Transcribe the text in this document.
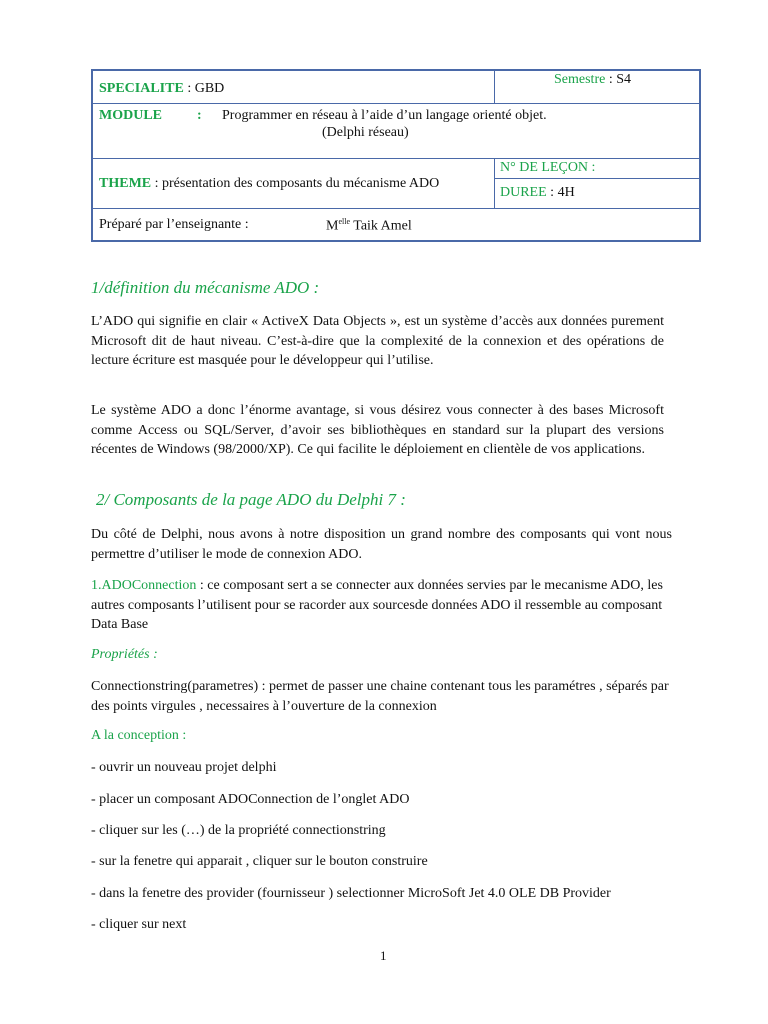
SPECIALITE : GBD
Semestre : S4
MODULE	: Programmer en réseau à l’aide d’un langage orienté objet.
(Delphi réseau)
THEME : présentation des composants du mécanisme ADO
N° DE LEÇON :
DUREE : 4H
Préparé par l’enseignante :	$M^{elle}$ Taik Amel
1/définition du mécanisme ADO :
L’ADO qui signifie en clair « ActiveX Data Objects », est un système d’accès aux données purement Microsoft dit de haut niveau. C’est-à-dire que la complexité de la connexion et des opérations de lecture écriture est masquée pour le développeur qui l’utilise.
Le système ADO a donc l’énorme avantage, si vous désirez vous connecter à des bases Microsoft comme Access ou SQL/Server, d’avoir ses bibliothèques en standard sur la plupart des versions récentes de Windows (98/2000/XP). Ce qui facilite le déploiement en clientèle de vos applications.
2/ Composants de la page ADO du Delphi 7 :
Du côté de Delphi, nous avons à notre disposition un grand nombre des composants qui vont nous permettre d’utiliser le mode de connexion ADO.
1.ADOConnection : ce composant sert a se connecter aux données servies par le mecanisme ADO, les autres composants l’utilisent pour se racorder aux sourcesde données ADO il ressemble au composant Data Base
Propriétés :
Connectionstring(parametres) : permet de passer une chaine contenant tous les paramétres , séparés par des points virgules , necessaires à l’ouverture de la connexion
A la conception :
- ouvrir un nouveau projet delphi
- placer un composant ADOConnection de l’onglet ADO
- cliquer sur les (…) de la propriété connectionstring
- sur la fenetre qui apparait , cliquer sur le bouton construire
- dans la fenetre des provider (fournisseur ) selectionner MicroSoft Jet 4.0 OLE DB Provider
- cliquer sur next
1
